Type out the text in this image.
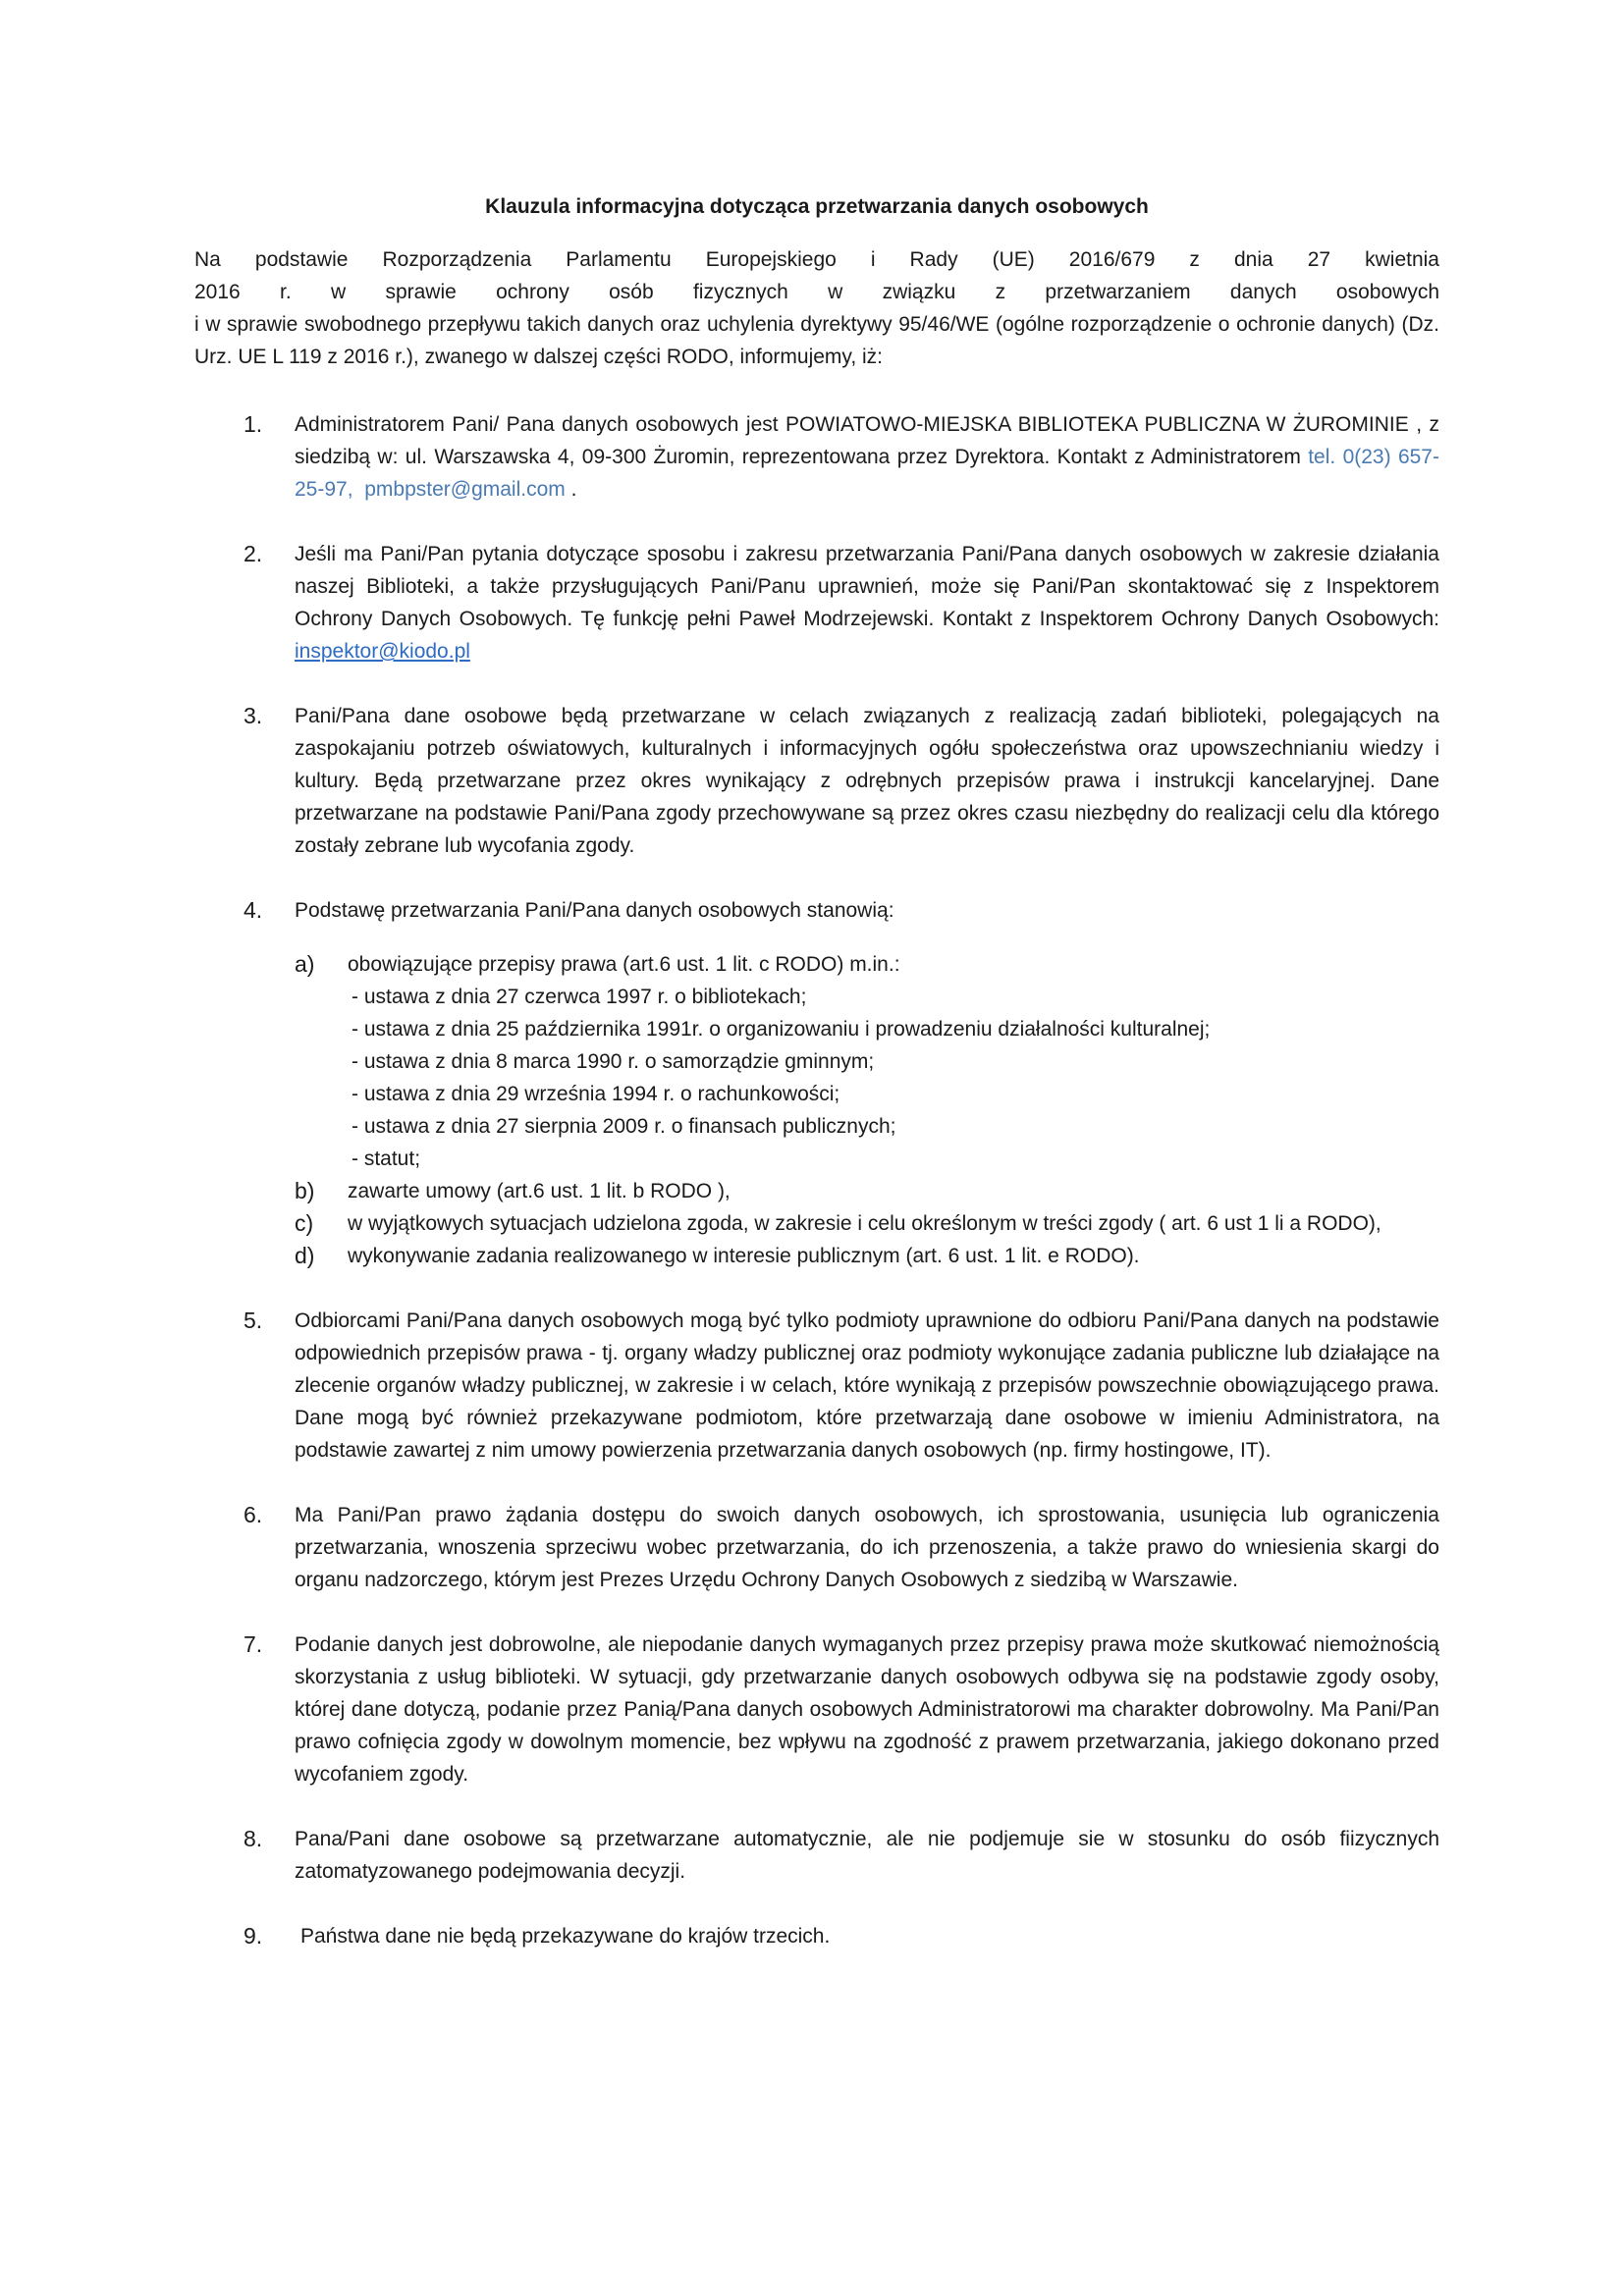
Klauzula informacyjna dotycząca przetwarzania danych osobowych
Na podstawie Rozporządzenia Parlamentu Europejskiego i Rady (UE) 2016/679 z dnia 27 kwietnia
2016 r. w sprawie ochrony osób fizycznych w związku z przetwarzaniem danych osobowych
i w sprawie swobodnego przepływu takich danych oraz uchylenia dyrektywy 95/46/WE (ogólne rozporządzenie o ochronie danych) (Dz. Urz. UE L 119 z 2016 r.), zwanego w dalszej części RODO, informujemy, iż:
1. Administratorem Pani/ Pana danych osobowych jest POWIATOWO-MIEJSKA BIBLIOTEKA PUBLICZNA W ŻUROMINIE , z siedzibą w: ul. Warszawska 4, 09-300 Żuromin, reprezentowana przez Dyrektora. Kontakt z Administratorem tel. 0(23) 657-25-97, pmbpster@gmail.com .
2. Jeśli ma Pani/Pan pytania dotyczące sposobu i zakresu przetwarzania Pani/Pana danych osobowych w zakresie działania naszej Biblioteki, a także przysługujących Pani/Panu uprawnień, może się Pani/Pan skontaktować się z Inspektorem Ochrony Danych Osobowych. Tę funkcję pełni Paweł Modrzejewski. Kontakt z Inspektorem Ochrony Danych Osobowych: inspektor@kiodo.pl
3. Pani/Pana dane osobowe będą przetwarzane w celach związanych z realizacją zadań biblioteki, polegających na zaspokajaniu potrzeb oświatowych, kulturalnych i informacyjnych ogółu społeczeństwa oraz upowszechnianiu wiedzy i kultury. Będą przetwarzane przez okres wynikający z odrębnych przepisów prawa i instrukcji kancelaryjnej. Dane przetwarzane na podstawie Pani/Pana zgody przechowywane są przez okres czasu niezbędny do realizacji celu dla którego zostały zebrane lub wycofania zgody.
4. Podstawę przetwarzania Pani/Pana danych osobowych stanowią:
a) obowiązujące przepisy prawa (art.6 ust. 1 lit. c RODO) m.in.:
- ustawa z dnia 27 czerwca 1997 r. o bibliotekach;
- ustawa z dnia 25 października 1991r. o organizowaniu i prowadzeniu działalności kulturalnej;
- ustawa z dnia 8 marca 1990 r. o samorządzie gminnym;
- ustawa z dnia 29 września 1994 r. o rachunkowości;
- ustawa z dnia 27 sierpnia 2009 r. o finansach publicznych;
- statut;
b) zawarte umowy (art.6 ust. 1 lit. b RODO ),
c) w wyjątkowych sytuacjach udzielona zgoda, w zakresie i celu określonym w treści zgody ( art. 6 ust 1 li a RODO),
d) wykonywanie zadania realizowanego w interesie publicznym (art. 6 ust. 1 lit. e RODO).
5. Odbiorcami Pani/Pana danych osobowych mogą być tylko podmioty uprawnione do odbioru Pani/Pana danych na podstawie odpowiednich przepisów prawa - tj. organy władzy publicznej oraz podmioty wykonujące zadania publiczne lub działające na zlecenie organów władzy publicznej, w zakresie i w celach, które wynikają z przepisów powszechnie obowiązującego prawa. Dane mogą być również przekazywane podmiotom, które przetwarzają dane osobowe w imieniu Administratora, na podstawie zawartej z nim umowy powierzenia przetwarzania danych osobowych (np. firmy hostingowe, IT).
6. Ma Pani/Pan prawo żądania dostępu do swoich danych osobowych, ich sprostowania, usunięcia lub ograniczenia przetwarzania, wnoszenia sprzeciwu wobec przetwarzania, do ich przenoszenia, a także prawo do wniesienia skargi do organu nadzorczego, którym jest Prezes Urzędu Ochrony Danych Osobowych z siedzibą w Warszawie.
7. Podanie danych jest dobrowolne, ale niepodanie danych wymaganych przez przepisy prawa może skutkować niemożnością skorzystania z usług biblioteki. W sytuacji, gdy przetwarzanie danych osobowych odbywa się na podstawie zgody osoby, której dane dotyczą, podanie przez Panią/Pana danych osobowych Administratorowi ma charakter dobrowolny. Ma Pani/Pan prawo cofnięcia zgody w dowolnym momencie, bez wpływu na zgodność z prawem przetwarzania, jakiego dokonano przed wycofaniem zgody.
8. Pana/Pani dane osobowe są przetwarzane automatycznie, ale nie podjemuje sie w stosunku do osób fiizycznych zatomatyzowanego podejmowania decyzji.
9. Państwa dane nie będą przekazywane do krajów trzecich.
